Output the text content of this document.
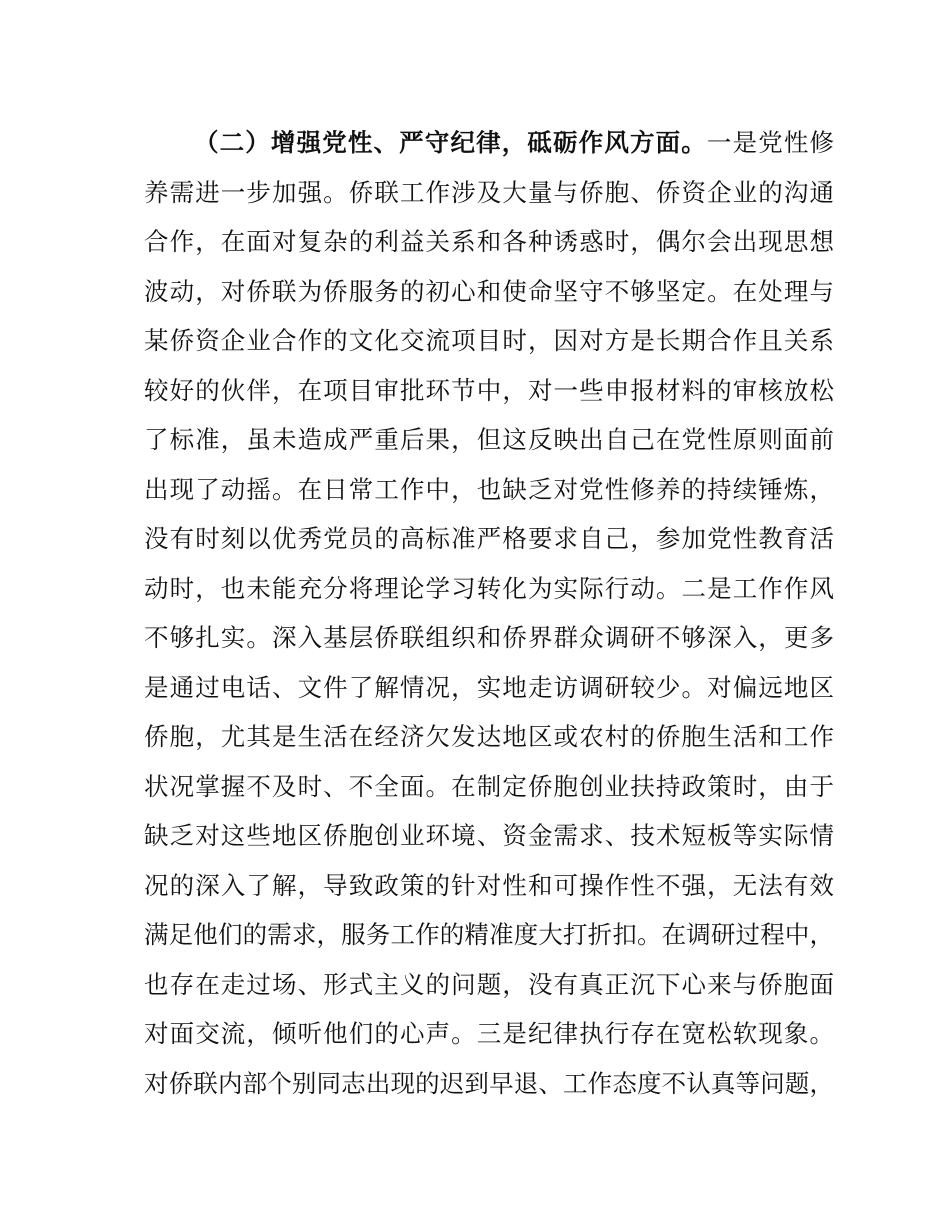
（二）增强党性、严守纪律，砥砺作风方面。一是党性修
养需进一步加强。侨联工作涉及大量与侨胞、侨资企业的沟通
合作，在面对复杂的利益关系和各种诱惑时，偶尔会出现思想
波动，对侨联为侨服务的初心和使命坚守不够坚定。在处理与
某侨资企业合作的文化交流项目时，因对方是长期合作且关系
较好的伙伴，在项目审批环节中，对一些申报材料的审核放松
了标准，虽未造成严重后果，但这反映出自己在党性原则面前
出现了动摇。在日常工作中，也缺乏对党性修养的持续锤炼，
没有时刻以优秀党员的高标准严格要求自己，参加党性教育活
动时，也未能充分将理论学习转化为实际行动。二是工作作风
不够扎实。深入基层侨联组织和侨界群众调研不够深入，更多
是通过电话、文件了解情况，实地走访调研较少。对偏远地区
侨胞，尤其是生活在经济欠发达地区或农村的侨胞生活和工作
状况掌握不及时、不全面。在制定侨胞创业扶持政策时，由于
缺乏对这些地区侨胞创业环境、资金需求、技术短板等实际情
况的深入了解，导致政策的针对性和可操作性不强，无法有效
满足他们的需求，服务工作的精准度大打折扣。在调研过程中，
也存在走过场、形式主义的问题，没有真正沉下心来与侨胞面
对面交流，倾听他们的心声。三是纪律执行存在宽松软现象。
对侨联内部个别同志出现的迟到早退、工作态度不认真等问题，
